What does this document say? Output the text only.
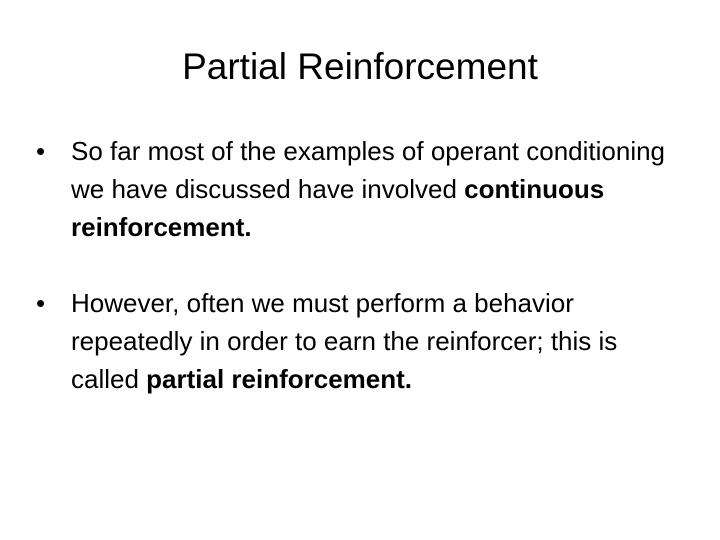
Partial Reinforcement
• So far most of the examples of operant conditioning we have discussed have involved continuous reinforcement.
• However, often we must perform a behavior repeatedly in order to earn the reinforcer; this is called partial reinforcement.
